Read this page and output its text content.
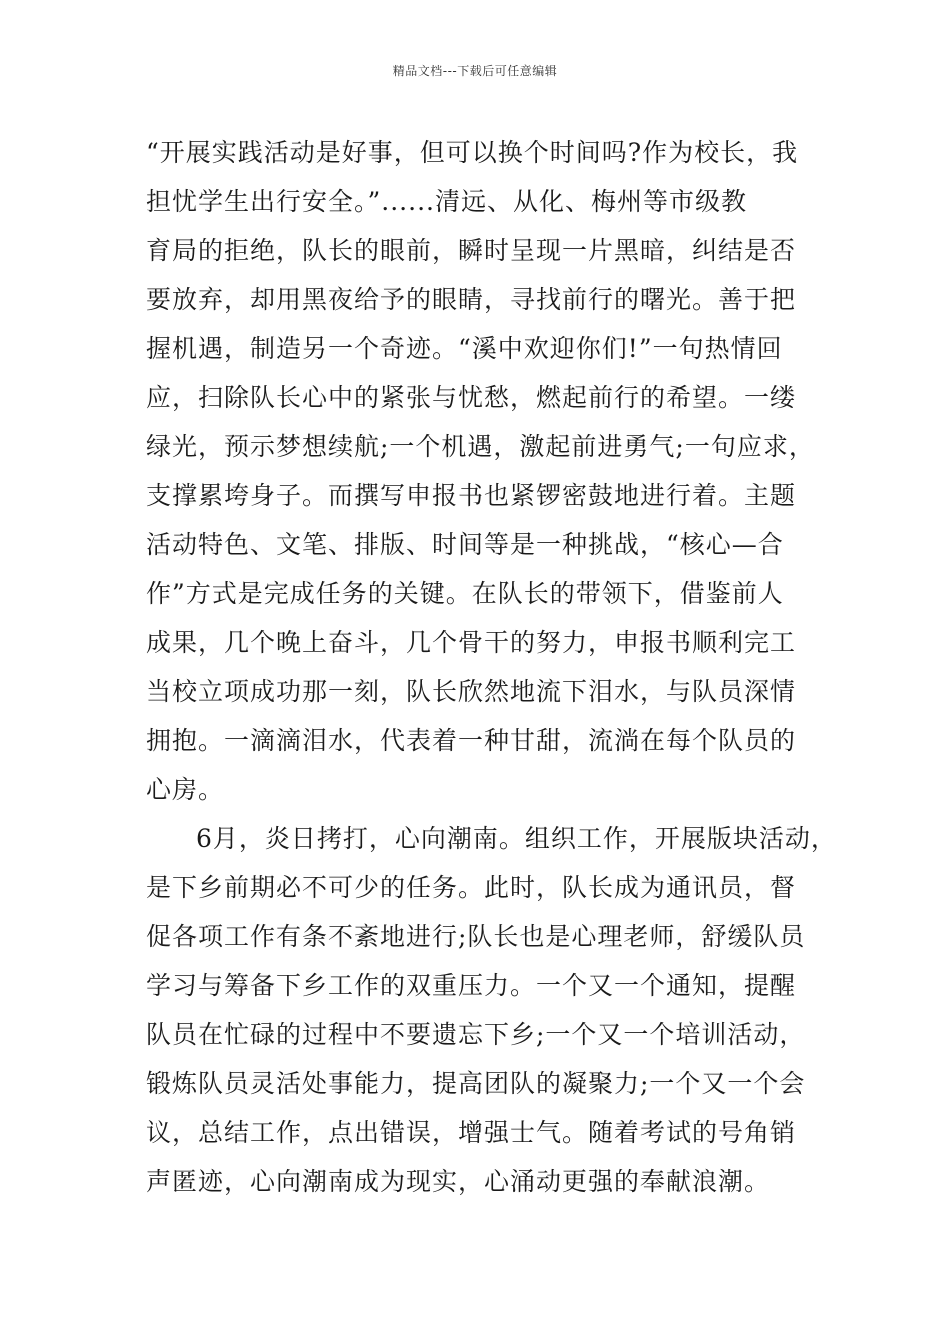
精品文档---下载后可任意编辑
“开展实践活动是好事，但可以换个时间吗?作为校长，我
担忧学生出行安全。”......清远、从化、梅州等市级教
育局的拒绝，队长的眼前，瞬时呈现一片黑暗，纠结是否
要放弃，却用黑夜给予的眼睛，寻找前行的曙光。善于把
握机遇，制造另一个奇迹。“溪中欢迎你们!”一句热情回
应，扫除队长心中的紧张与忧愁，燃起前行的希望。一缕
绿光，预示梦想续航;一个机遇，激起前进勇气;一句应求，
支撑累垮身子。而撰写申报书也紧锣密鼓地进行着。主题
活动特色、文笔、排版、时间等是一种挑战，“核心—合
作”方式是完成任务的关键。在队长的带领下，借鉴前人
成果，几个晚上奋斗，几个骨干的努力，申报书顺利完工
当校立项成功那一刻，队长欣然地流下泪水，与队员深情
拥抱。一滴滴泪水，代表着一种甘甜，流淌在每个队员的
心房。
6月，炎日拷打，心向潮南。组织工作，开展版块活动，
是下乡前期必不可少的任务。此时，队长成为通讯员，督
促各项工作有条不紊地进行;队长也是心理老师，舒缓队员
学习与筹备下乡工作的双重压力。一个又一个通知，提醒
队员在忙碌的过程中不要遗忘下乡;一个又一个培训活动，
锻炼队员灵活处事能力，提高团队的凝聚力;一个又一个会
议，总结工作，点出错误，增强士气。随着考试的号角销
声匿迹，心向潮南成为现实，心涌动更强的奉献浪潮。
